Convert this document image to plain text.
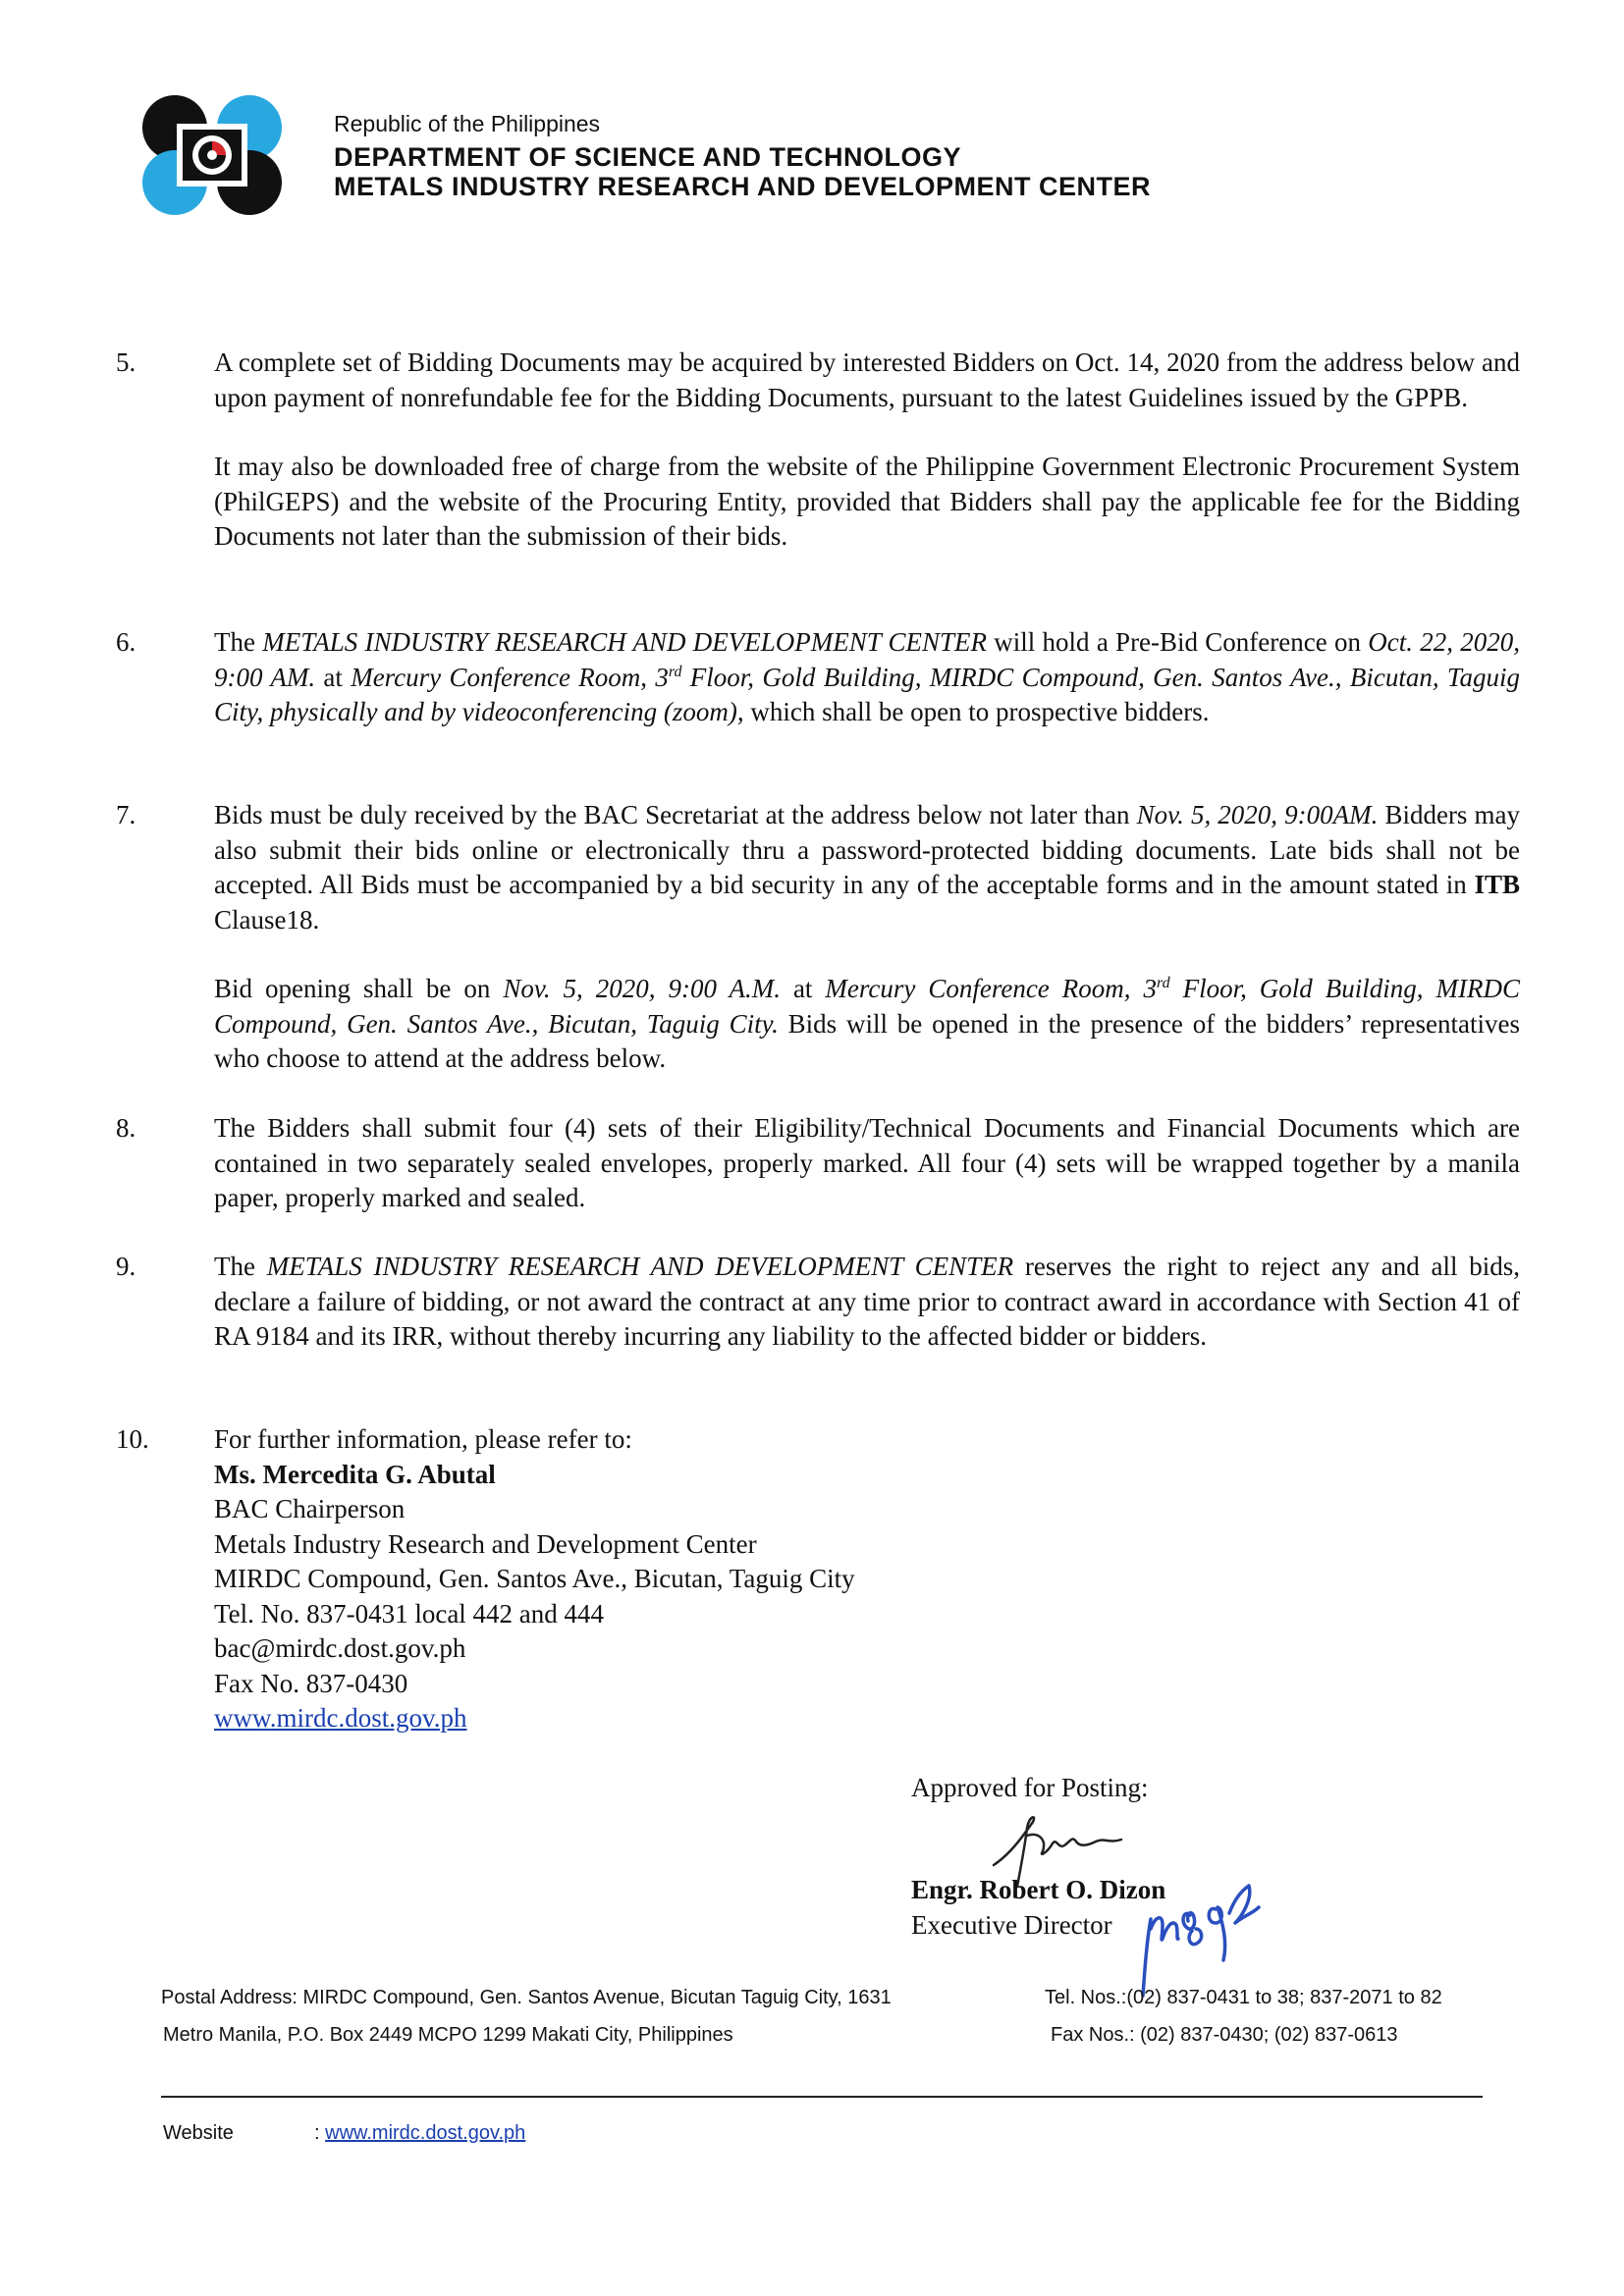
Republic of the Philippines
DEPARTMENT OF SCIENCE AND TECHNOLOGY
METALS INDUSTRY RESEARCH AND DEVELOPMENT CENTER
5.	A complete set of Bidding Documents may be acquired by interested Bidders on Oct. 14, 2020 from the address below and upon payment of nonrefundable fee for the Bidding Documents, pursuant to the latest Guidelines issued by the GPPB.

It may also be downloaded free of charge from the website of the Philippine Government Electronic Procurement System (PhilGEPS) and the website of the Procuring Entity, provided that Bidders shall pay the applicable fee for the Bidding Documents not later than the submission of their bids.

6.	The METALS INDUSTRY RESEARCH AND DEVELOPMENT CENTER will hold a Pre-Bid Conference on Oct. 22, 2020, 9:00 AM. at Mercury Conference Room, 3rd Floor, Gold Building, MIRDC Compound, Gen. Santos Ave., Bicutan, Taguig City, physically and by videoconferencing (zoom), which shall be open to prospective bidders.

7.	Bids must be duly received by the BAC Secretariat at the address below not later than Nov. 5, 2020, 9:00AM. Bidders may also submit their bids online or electronically thru a password-protected bidding documents. Late bids shall not be accepted. All Bids must be accompanied by a bid security in any of the acceptable forms and in the amount stated in ITB Clause18.

Bid opening shall be on Nov. 5, 2020, 9:00 A.M. at Mercury Conference Room, 3rd Floor, Gold Building, MIRDC Compound, Gen. Santos Ave., Bicutan, Taguig City. Bids will be opened in the presence of the bidders’ representatives who choose to attend at the address below.

8.	The Bidders shall submit four (4) sets of their Eligibility/Technical Documents and Financial Documents which are contained in two separately sealed envelopes, properly marked. All four (4) sets will be wrapped together by a manila paper, properly marked and sealed.

9.	The METALS INDUSTRY RESEARCH AND DEVELOPMENT CENTER reserves the right to reject any and all bids, declare a failure of bidding, or not award the contract at any time prior to contract award in accordance with Section 41 of RA 9184 and its IRR, without thereby incurring any liability to the affected bidder or bidders.

10. For further information, please refer to:
Ms. Mercedita G. Abutal
BAC Chairperson
Metals Industry Research and Development Center
MIRDC Compound, Gen. Santos Ave., Bicutan, Taguig City
Tel. No. 837-0431 local 442 and 444
bac@mirdc.dost.gov.ph
Fax No. 837-0430
www.mirdc.dost.gov.ph
Approved for Posting:
Engr. Robert O. Dizon
Executive Director
Postal Address: MIRDC Compound, Gen. Santos Avenue, Bicutan Taguig City, 1631
Metro Manila, P.O. Box 2449 MCPO 1299 Makati City, Philippines
Tel. Nos.:(02) 837-0431 to 38; 837-2071 to 82
Fax Nos.: (02) 837-0430; (02) 837-0613
Website	: www.mirdc.dost.gov.ph
